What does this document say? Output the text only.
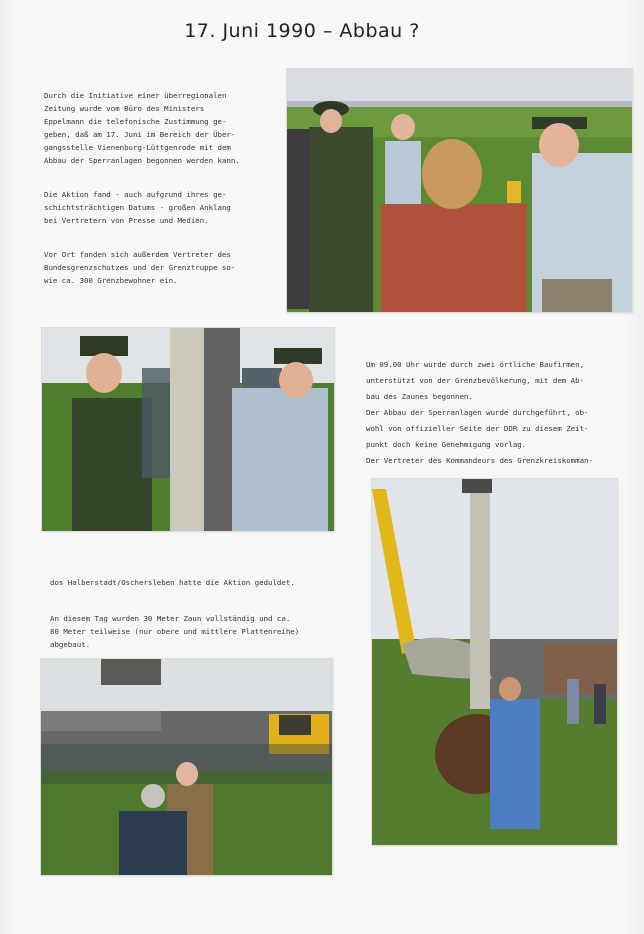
17. Juni 1990 – Abbau ?

Durch die Initiative einer überregionalen
Zeitung wurde vom Büro des Ministers
Eppelmann die telefonische Zustimmung ge-
geben, daß am 17. Juni im Bereich der Über-
gangsstelle Vienenburg-Lüttgenrode mit dem
Abbau der Sperranlagen begonnen werden kann.

Die Aktion fand - auch aufgrund ihres ge-
schichtsträchtigen Datums - großen Anklang
bei Vertretern von Presse und Medien.

Vor Ort fanden sich außerdem Vertreter des
Bundesgrenzschutzes und der Grenztruppe so-
wie ca. 300 Grenzbewohner ein.

Um 09.00 Uhr wurde durch zwei örtliche Baufirmen,
unterstützt von der Grenzbevölkerung, mit dem Ab-
bau des Zaunes begonnen.
Der Abbau der Sperranlagen wurde durchgeführt, ob-
wohl von offizieller Seite der DDR zu diesem Zeit-
punkt doch keine Genehmigung vorlag.
Der Vertreter des Kommandeurs des Grenzkreiskomman-

dos Halberstadt/Oschersleben hatte die Aktion geduldet.

An diesem Tag wurden 30 Meter Zaun vollständig und ca.
80 Meter teilweise (nur obere und mittlere Plattenreihe)
abgebaut.
